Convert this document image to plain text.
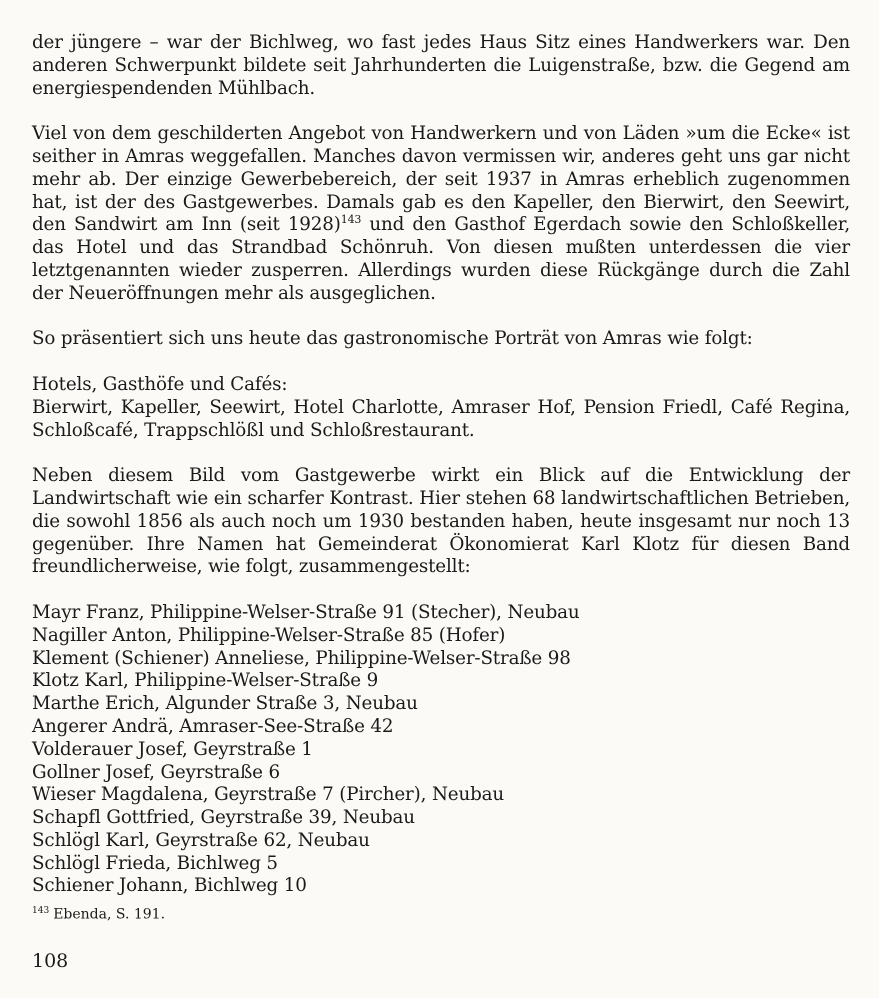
der jüngere – war der Bichlweg, wo fast jedes Haus Sitz eines Handwerkers war. Den anderen Schwerpunkt bildete seit Jahrhunderten die Luigenstraße, bzw. die Gegend am energiespendenden Mühlbach.

Viel von dem geschilderten Angebot von Handwerkern und von Läden »um die Ecke« ist seither in Amras weggefallen. Manches davon vermissen wir, anderes geht uns gar nicht mehr ab. Der einzige Gewerbebereich, der seit 1937 in Amras erheblich zugenommen hat, ist der des Gastgewerbes. Damals gab es den Kapeller, den Bierwirt, den Seewirt, den Sandwirt am Inn (seit 1928)$^{143}$ und den Gasthof Egerdach sowie den Schloßkeller, das Hotel und das Strandbad Schönruh. Von diesen mußten unterdessen die vier letztgenannten wieder zusperren. Allerdings wurden diese Rückgänge durch die Zahl der Neueröffnungen mehr als ausgeglichen.

So präsentiert sich uns heute das gastronomische Porträt von Amras wie folgt:

Hotels, Gasthöfe und Cafés:

Bierwirt, Kapeller, Seewirt, Hotel Charlotte, Amraser Hof, Pension Friedl, Café Regina, Schloßcafé, Trappschlößl und Schloßrestaurant.

Neben diesem Bild vom Gastgewerbe wirkt ein Blick auf die Entwicklung der Landwirtschaft wie ein scharfer Kontrast. Hier stehen 68 landwirtschaftlichen Betrieben, die sowohl 1856 als auch noch um 1930 bestanden haben, heute insgesamt nur noch 13 gegenüber. Ihre Namen hat Gemeinderat Ökonomierat Karl Klotz für diesen Band freundlicherweise, wie folgt, zusammengestellt:

Mayr Franz, Philippine-Welser-Straße 91 (Stecher), Neubau
Nagiller Anton, Philippine-Welser-Straße 85 (Hofer)
Klement (Schiener) Anneliese, Philippine-Welser-Straße 98
Klotz Karl, Philippine-Welser-Straße 9
Marthe Erich, Algunder Straße 3, Neubau
Angerer Andrä, Amraser-See-Straße 42
Volderauer Josef, Geyrstraße 1
Gollner Josef, Geyrstraße 6
Wieser Magdalena, Geyrstraße 7 (Pircher), Neubau
Schapfl Gottfried, Geyrstraße 39, Neubau
Schlögl Karl, Geyrstraße 62, Neubau
Schlögl Frieda, Bichlweg 5
Schiener Johann, Bichlweg 10
$^{143}$ Ebenda, S. 191.
108
